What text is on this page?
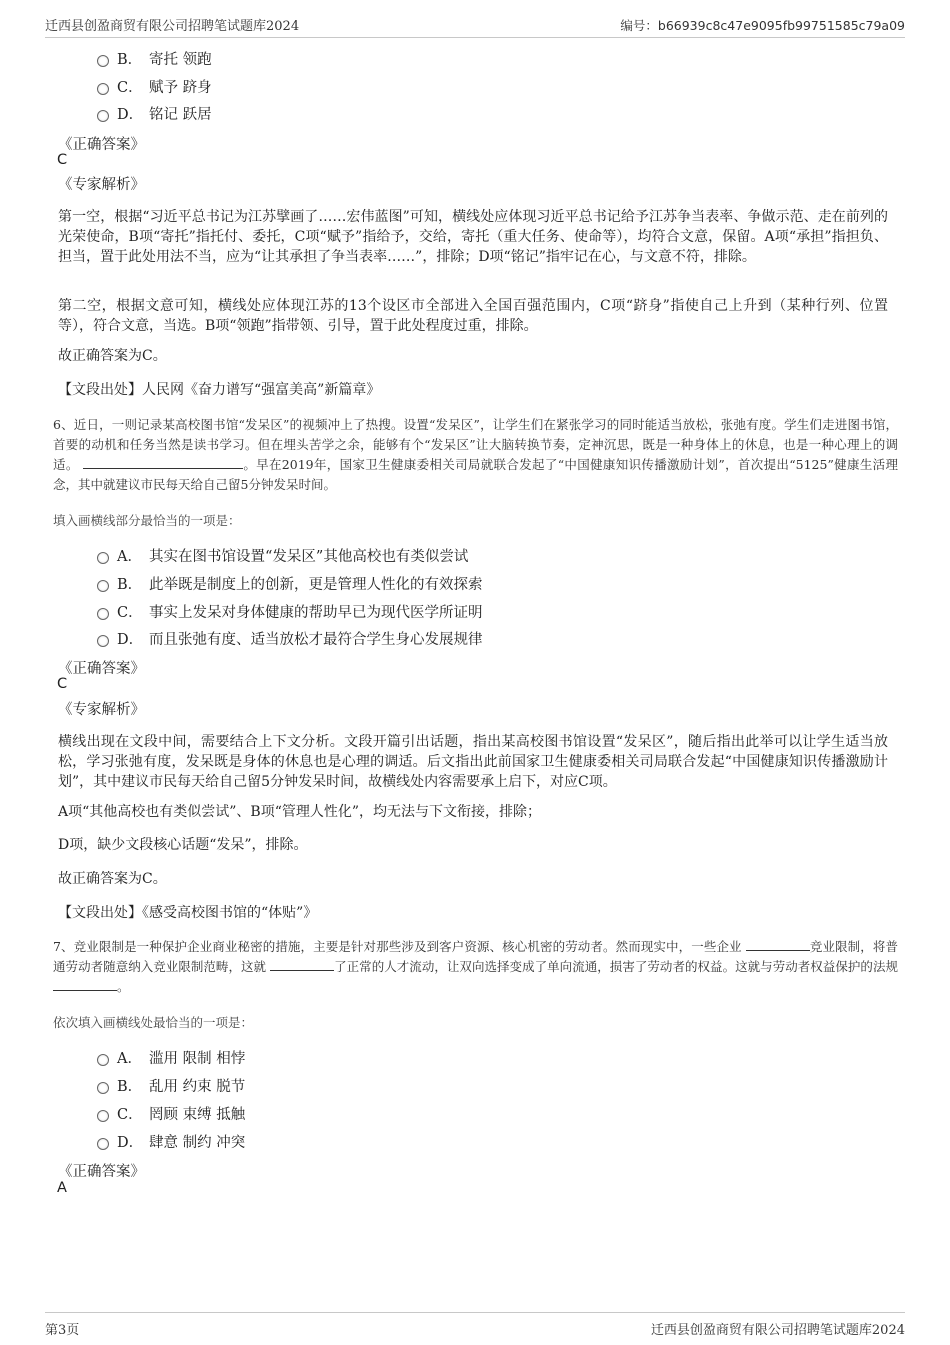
迁西县创盈商贸有限公司招聘笔试题库2024	编号：b66939c8c47e9095fb99751585c79a09
B． 寄托 领跑
C． 赋予 跻身
D． 铭记 跃居
《正确答案》
C
《专家解析》
第一空，根据“习近平总书记为江苏擘画了……宏伟蓝图”可知，横线处应体现习近平总书记给予江苏争当表率、争做示范、走在前列的光荣使命，B项“寄托”指托付、委托，C项“赋予”指给予，交给，寄托（重大任务、使命等），均符合文意，保留。A项“承担”指担负、担当，置于此处用法不当，应为“让其承担了争当表率……”，排除；D项“铭记”指牢记在心，与文意不符，排除。
第二空，根据文意可知，横线处应体现江苏的13个设区市全部进入全国百强范围内，C项“跻身”指使自己上升到（某种行列、位置等），符合文意，当选。B项“领跑”指带领、引导，置于此处程度过重，排除。
故正确答案为C。
【文段出处】人民网《奋力谱写“强富美高”新篇章》
6、近日，一则记录某高校图书馆“发呆区”的视频冲上了热搜。设置“发呆区”，让学生们在紧张学习的同时能适当放松，张弛有度。学生们走进图书馆，首要的动机和任务当然是读书学习。但在埋头苦学之余，能够有个“发呆区”让大脑转换节奏，定神沉思，既是一种身体上的休息，也是一种心理上的调适。	。早在2019年，国家卫生健康委相关司局就联合发起了“中国健康知识传播激励计划”，首次提出“5125”健康生活理念，其中就建议市民每天给自己留5分钟发呆时间。
填入画横线部分最恰当的一项是：
A． 其实在图书馆设置“发呆区”其他高校也有类似尝试
B． 此举既是制度上的创新，更是管理人性化的有效探索
C． 事实上发呆对身体健康的帮助早已为现代医学所证明
D． 而且张弛有度、适当放松才最符合学生身心发展规律
《正确答案》
C
《专家解析》
横线出现在文段中间，需要结合上下文分析。文段开篇引出话题，指出某高校图书馆设置“发呆区”，随后指出此举可以让学生适当放松，学习张弛有度，发呆既是身体的休息也是心理的调适。后文指出此前国家卫生健康委相关司局联合发起“中国健康知识传播激励计划”，其中建议市民每天给自己留5分钟发呆时间，故横线处内容需要承上启下，对应C项。
A项“其他高校也有类似尝试”、B项“管理人性化”，均无法与下文衔接，排除；
D项，缺少文段核心话题“发呆”，排除。
故正确答案为C。
【文段出处】《感受高校图书馆的“体贴”》
7、竞业限制是一种保护企业商业秘密的措施，主要是针对那些涉及到客户资源、核心机密的劳动者。然而现实中，一些企业	竞业限制，将普通劳动者随意纳入竞业限制范畴，这就	了正常的人才流动，让双向选择变成了单向流通，损害了劳动者的权益。这就与劳动者权益保护的法规 。
依次填入画横线处最恰当的一项是：
A． 滥用 限制 相悖
B． 乱用 约束 脱节
C． 罔顾 束缚 抵触
D． 肆意 制约 冲突
《正确答案》
A
第3页	迁西县创盈商贸有限公司招聘笔试题库2024
